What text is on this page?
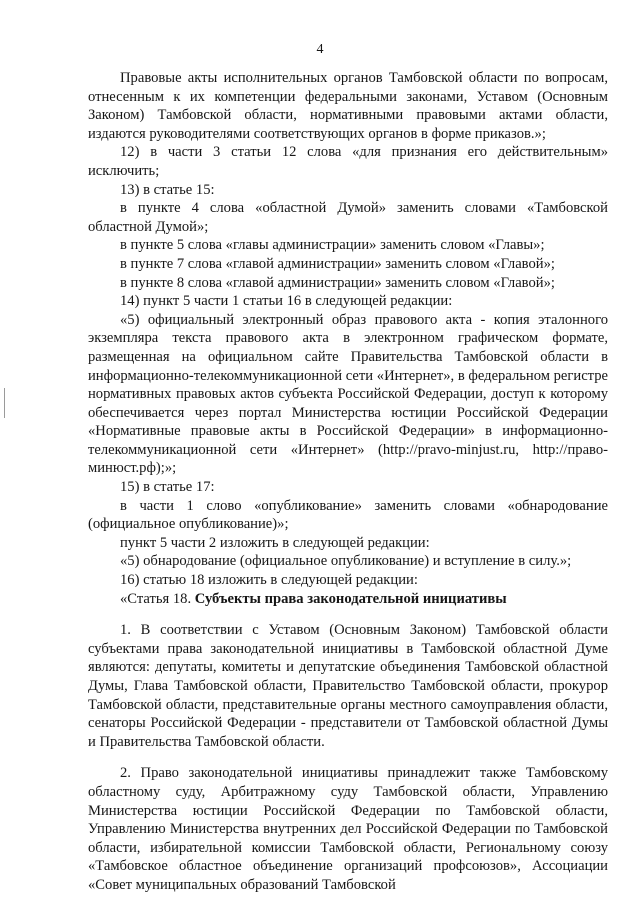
4

Правовые акты исполнительных органов Тамбовской области по вопросам, отнесенным к их компетенции федеральными законами, Уставом (Основным Законом) Тамбовской области, нормативными правовыми актами области, издаются руководителями соответствующих органов в форме приказов.»;

12) в части 3 статьи 12 слова «для признания его действительным» исключить;

13) в статье 15:

в пункте 4 слова «областной Думой» заменить словами «Тамбовской областной Думой»;

в пункте 5 слова «главы администрации» заменить словом «Главы»;

в пункте 7 слова «главой администрации» заменить словом «Главой»;

в пункте 8 слова «главой администрации» заменить словом «Главой»;

14) пункт 5 части 1 статьи 16 в следующей редакции:

«5) официальный электронный образ правового акта - копия эталонного экземпляра текста правового акта в электронном графическом формате, размещенная на официальном сайте Правительства Тамбовской области в информационно-телекоммуникационной сети «Интернет», в федеральном регистре нормативных правовых актов субъекта Российской Федерации, доступ к которому обеспечивается через портал Министерства юстиции Российской Федерации «Нормативные правовые акты в Российской Федерации» в информационно-телекоммуникационной сети «Интернет» (http://pravo-minjust.ru, http://право-минюст.рф);»;

15) в статье 17:

в части 1 слово «опубликование» заменить словами «обнародование (официальное опубликование)»;

пункт 5 части 2 изложить в следующей редакции:

«5) обнародование (официальное опубликование) и вступление в силу.»;

16) статью 18 изложить в следующей редакции:

«Статья 18. Субъекты права законодательной инициативы

1. В соответствии с Уставом (Основным Законом) Тамбовской области субъектами права законодательной инициативы в Тамбовской областной Думе являются: депутаты, комитеты и депутатские объединения Тамбовской областной Думы, Глава Тамбовской области, Правительство Тамбовской области, прокурор Тамбовской области, представительные органы местного самоуправления области, сенаторы Российской Федерации - представители от Тамбовской областной Думы и Правительства Тамбовской области.

2. Право законодательной инициативы принадлежит также Тамбовскому областному суду, Арбитражному суду Тамбовской области, Управлению Министерства юстиции Российской Федерации по Тамбовской области, Управлению Министерства внутренних дел Российской Федерации по Тамбовской области, избирательной комиссии Тамбовской области, Региональному союзу «Тамбовское областное объединение организаций профсоюзов», Ассоциации «Совет муниципальных образований Тамбовской
